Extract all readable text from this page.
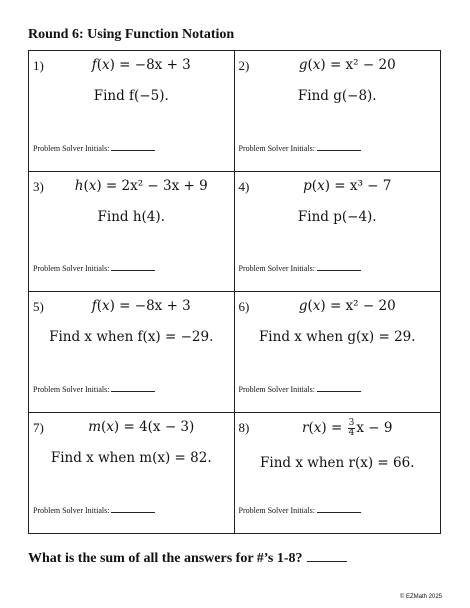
Round 6: Using Function Notation
1)	f(x) = −8x + 3
Find f(−5).
Problem Solver Initials:
2)	g(x) = x² − 20
Find g(−8).
Problem Solver Initials:
3)	h(x) = 2x² − 3x + 9
Find h(4).
Problem Solver Initials:
4)	p(x) = x³ − 7
Find p(−4).
Problem Solver Initials:
5)	f(x) = −8x + 3
Find x when f(x) = −29.
Problem Solver Initials:
6)	g(x) = x² − 20
Find x when g(x) = 29.
Problem Solver Initials:
7)	m(x) = 4(x − 3)
Find x when m(x) = 82.
Problem Solver Initials:
8)	$r(x) = \frac{3}{4}$ x − 9
Find x when r(x) = 66.
Problem Solver Initials:
What is the sum of all the answers for #’s 1-8?
© EZMath 2025
